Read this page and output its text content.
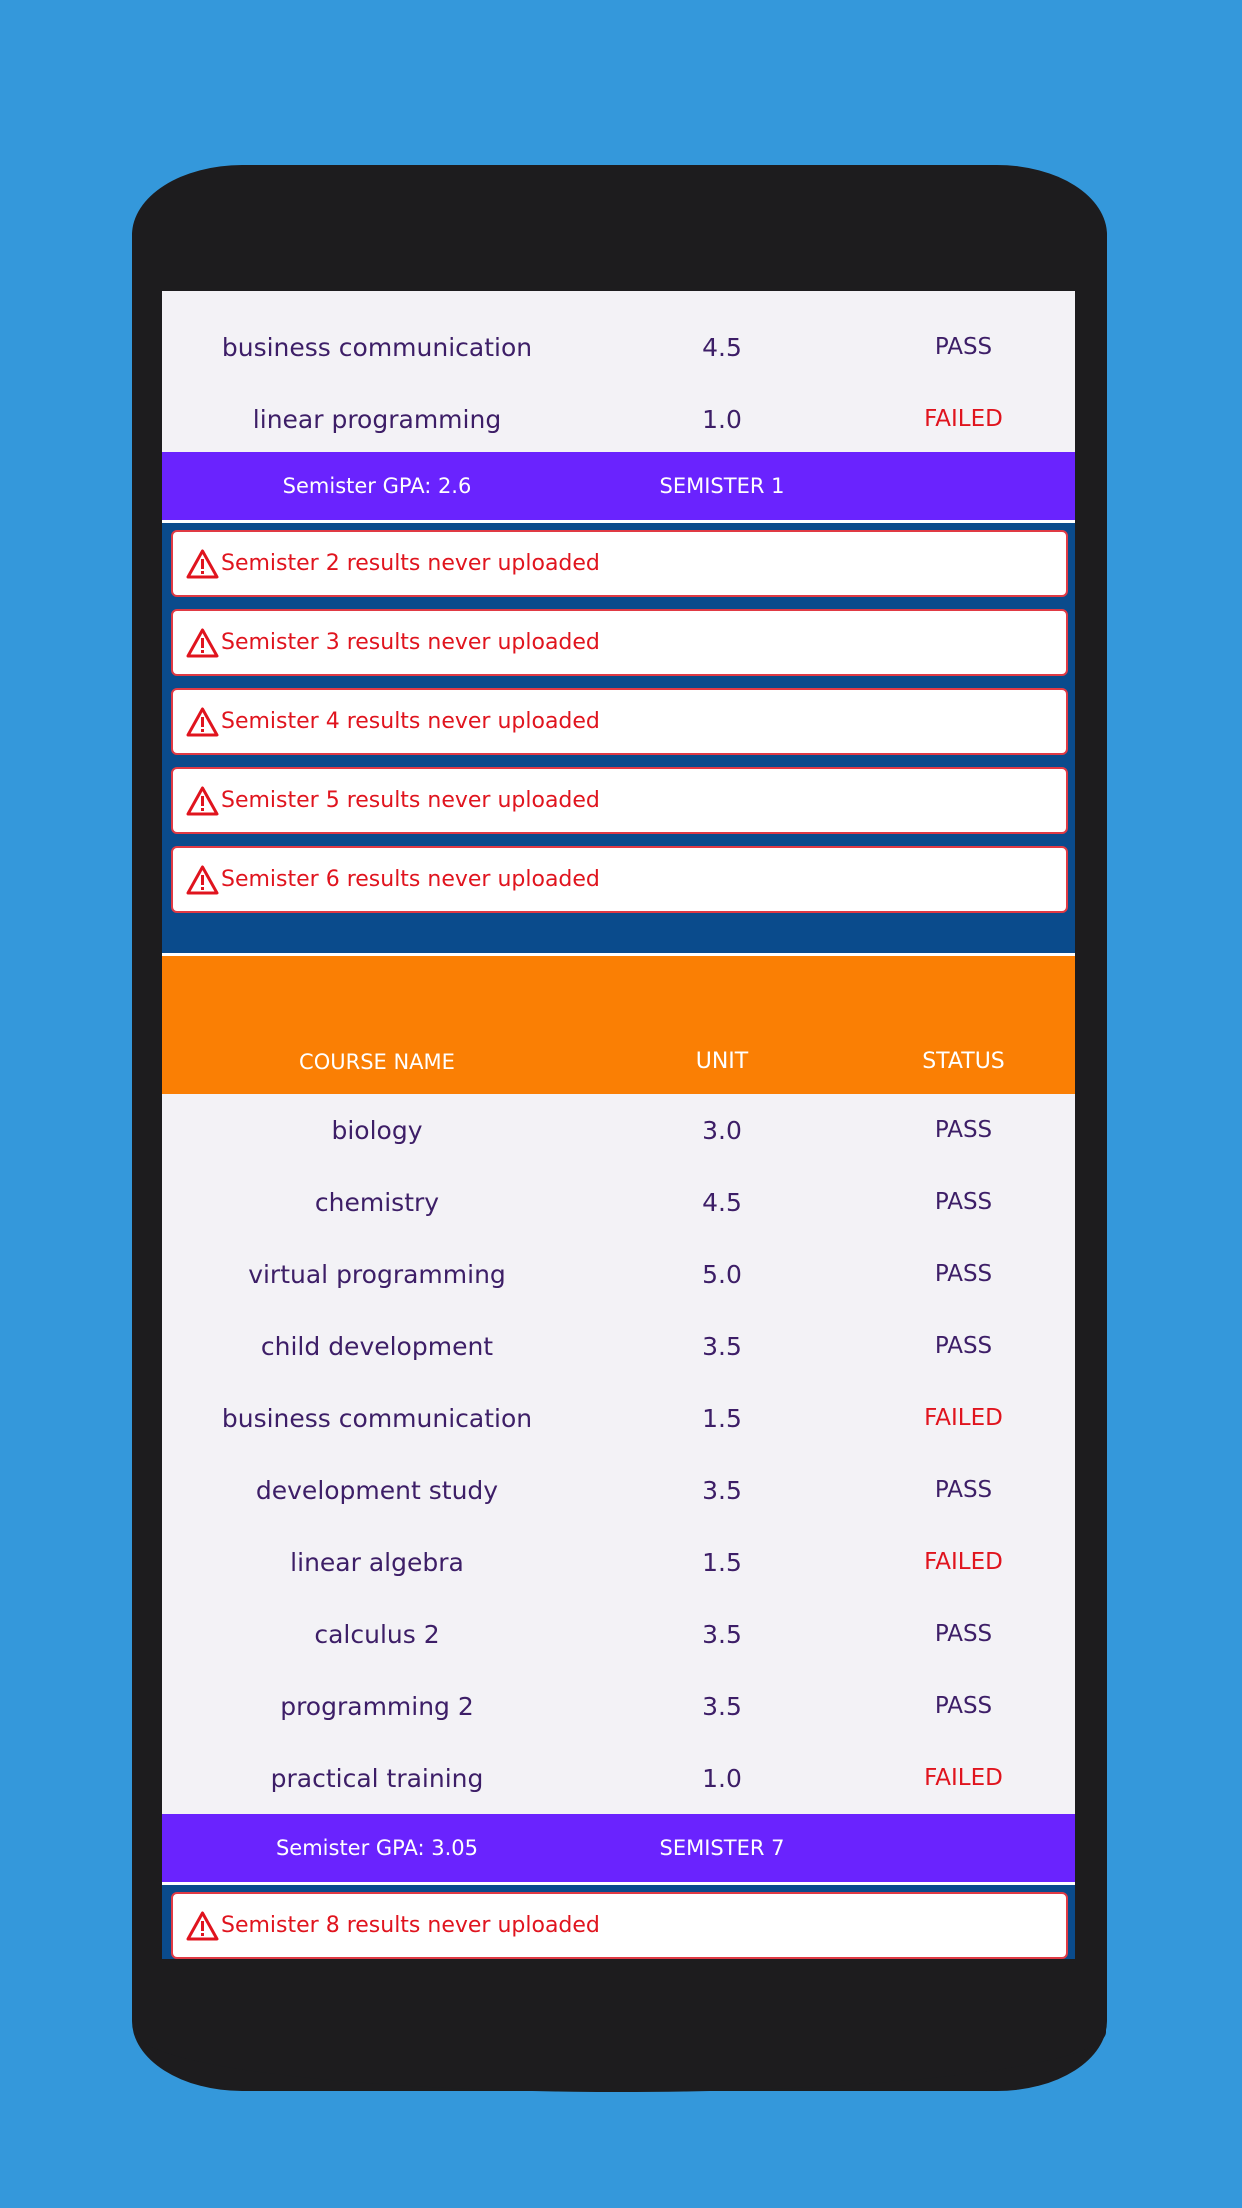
business communication	4.5	PASS
linear programming	1.0	FAILED
Semister GPA: 2.6	SEMISTER 1
Semister 2 results never uploaded
Semister 3 results never uploaded
Semister 4 results never uploaded
Semister 5 results never uploaded
Semister 6 results never uploaded
COURSE NAME	UNIT	STATUS
biology	3.0	PASS
chemistry	4.5	PASS
virtual programming	5.0	PASS
child development	3.5	PASS
business communication	1.5	FAILED
development study	3.5	PASS
linear algebra	1.5	FAILED
calculus 2	3.5	PASS
programming 2	3.5	PASS
practical training	1.0	FAILED
Semister GPA: 3.05	SEMISTER 7
Semister 8 results never uploaded
